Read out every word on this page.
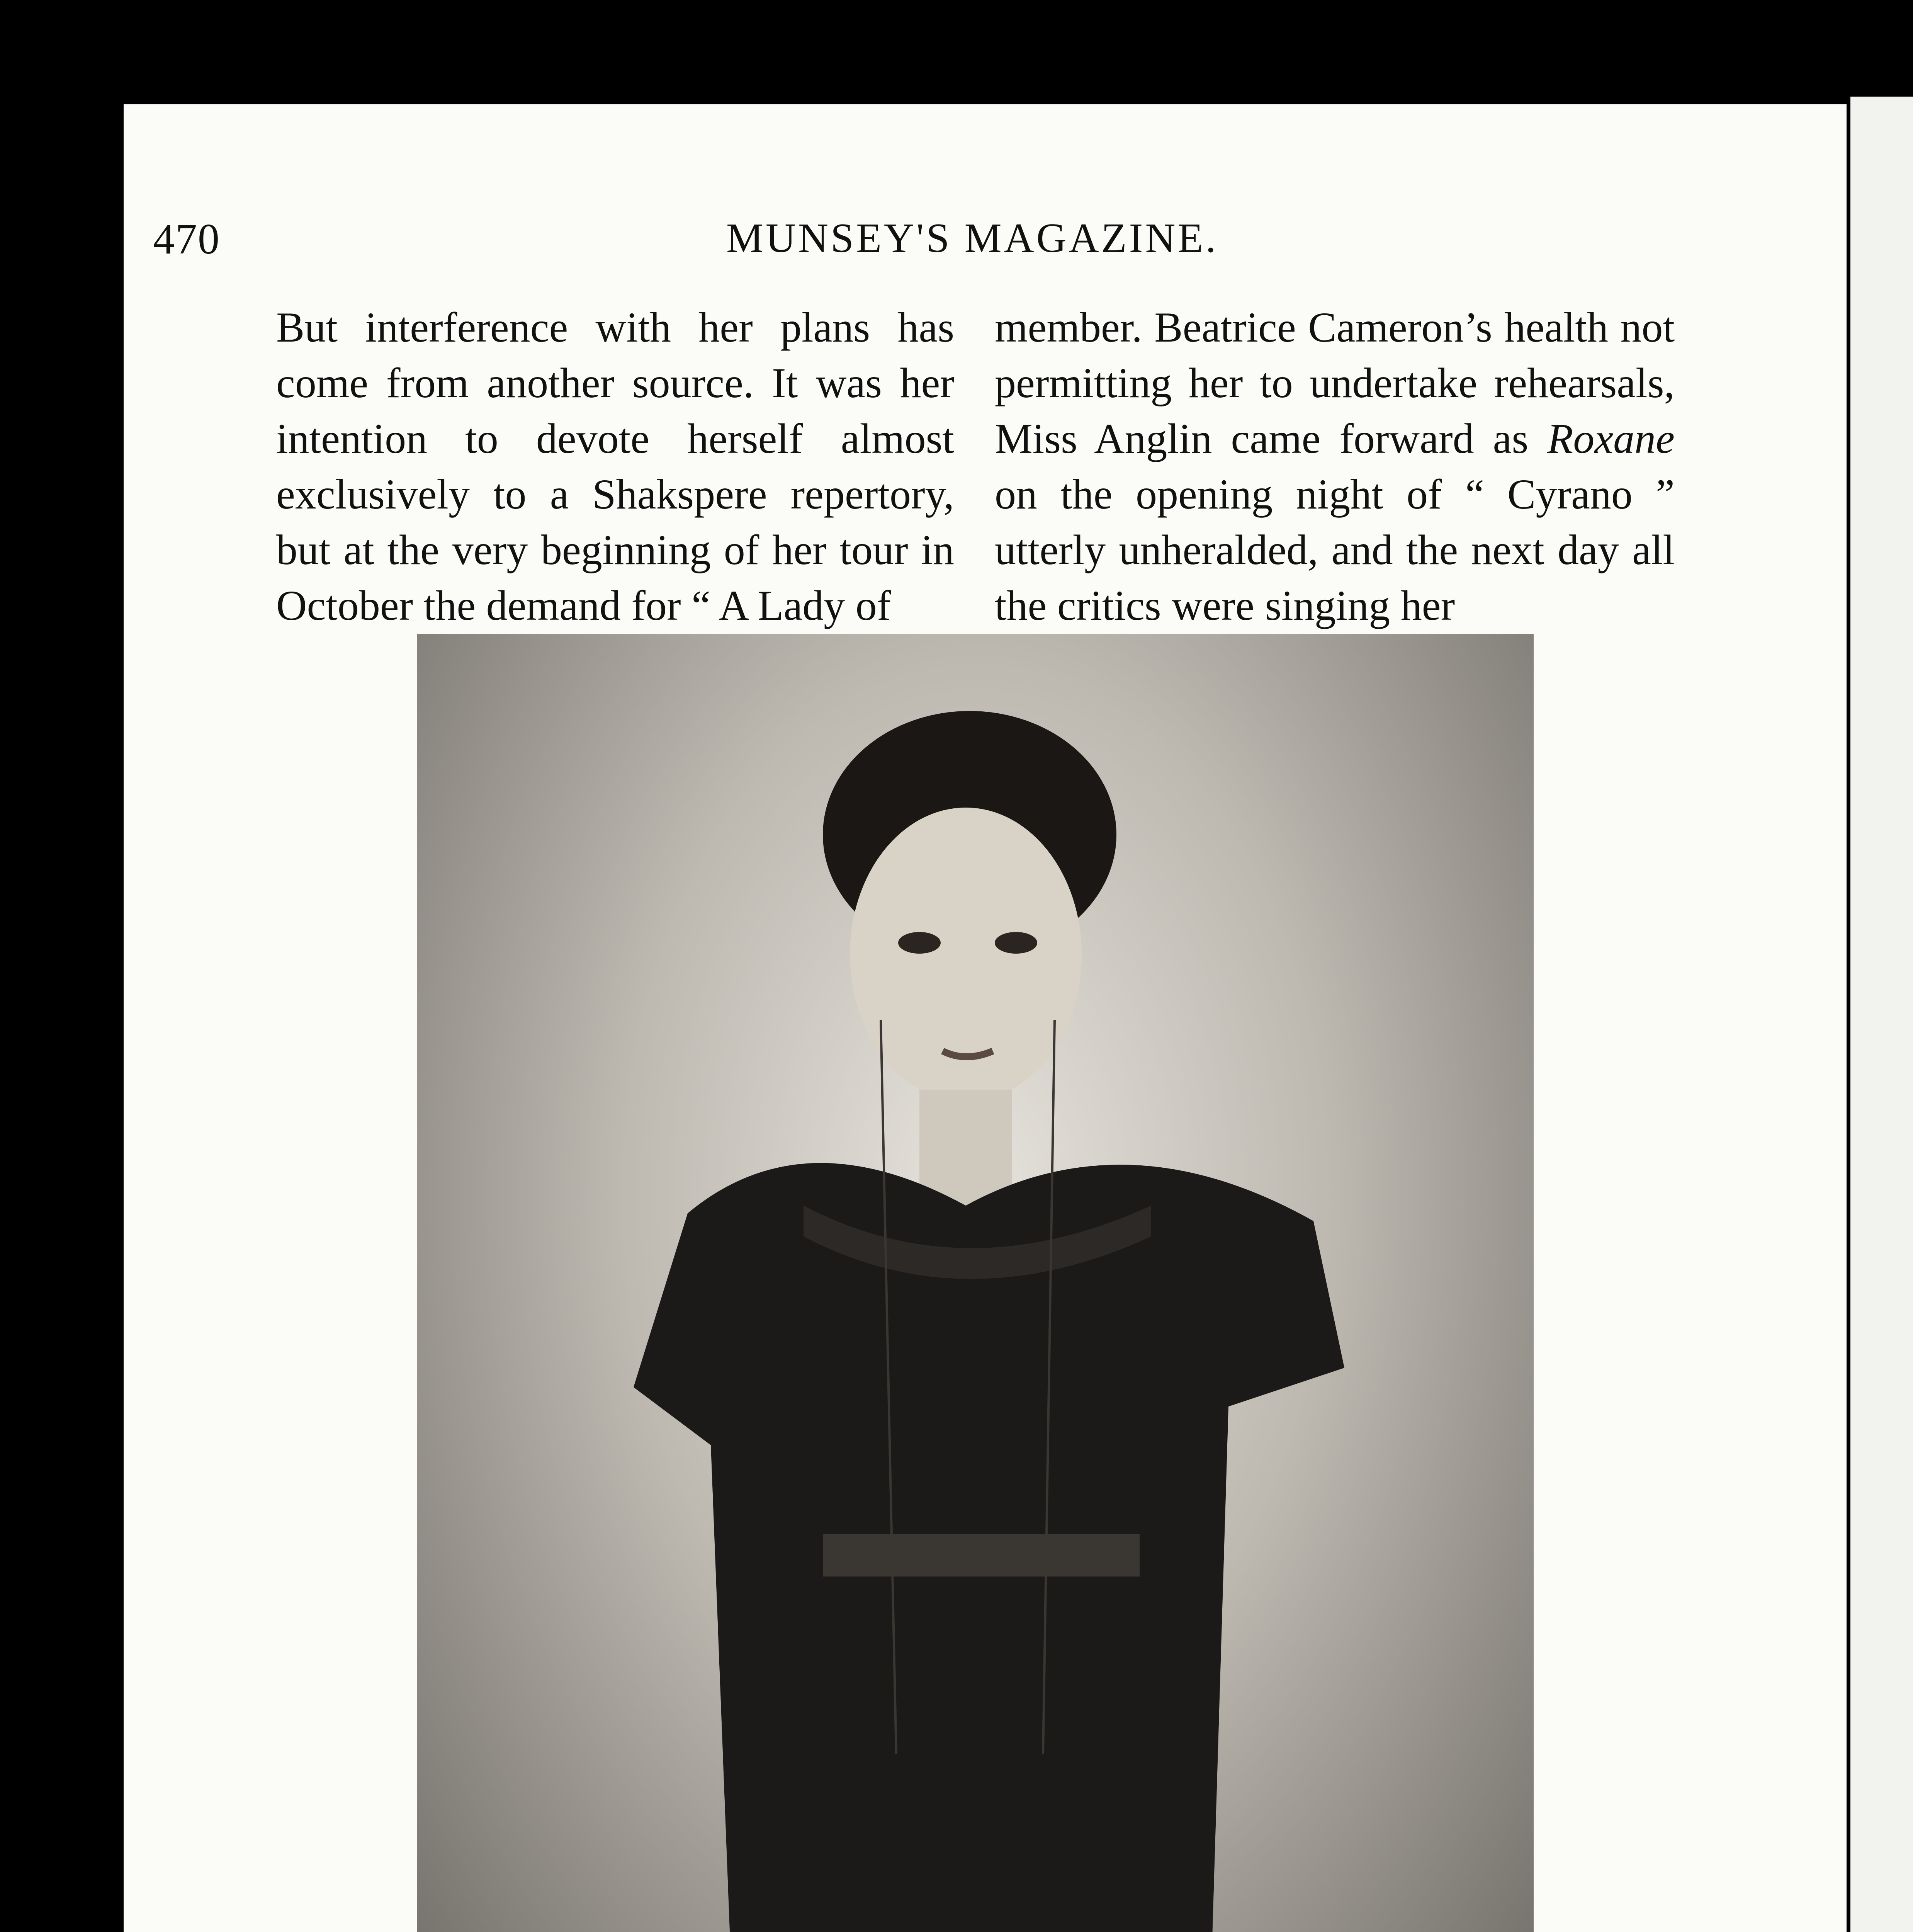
470	MUNSEY'S MAGAZINE.

But interference with her plans has come from another source. It was her intention to devote herself almost exclusively to a Shakspere repertory, but at the very beginning of her tour in October the demand for “ A Lady of

member. Beatrice Cameron’s health not permitting her to undertake rehearsals, Miss Anglin came forward as Roxane on the opening night of “ Cyrano ” utterly unheralded, and the next day all the critics were singing her
